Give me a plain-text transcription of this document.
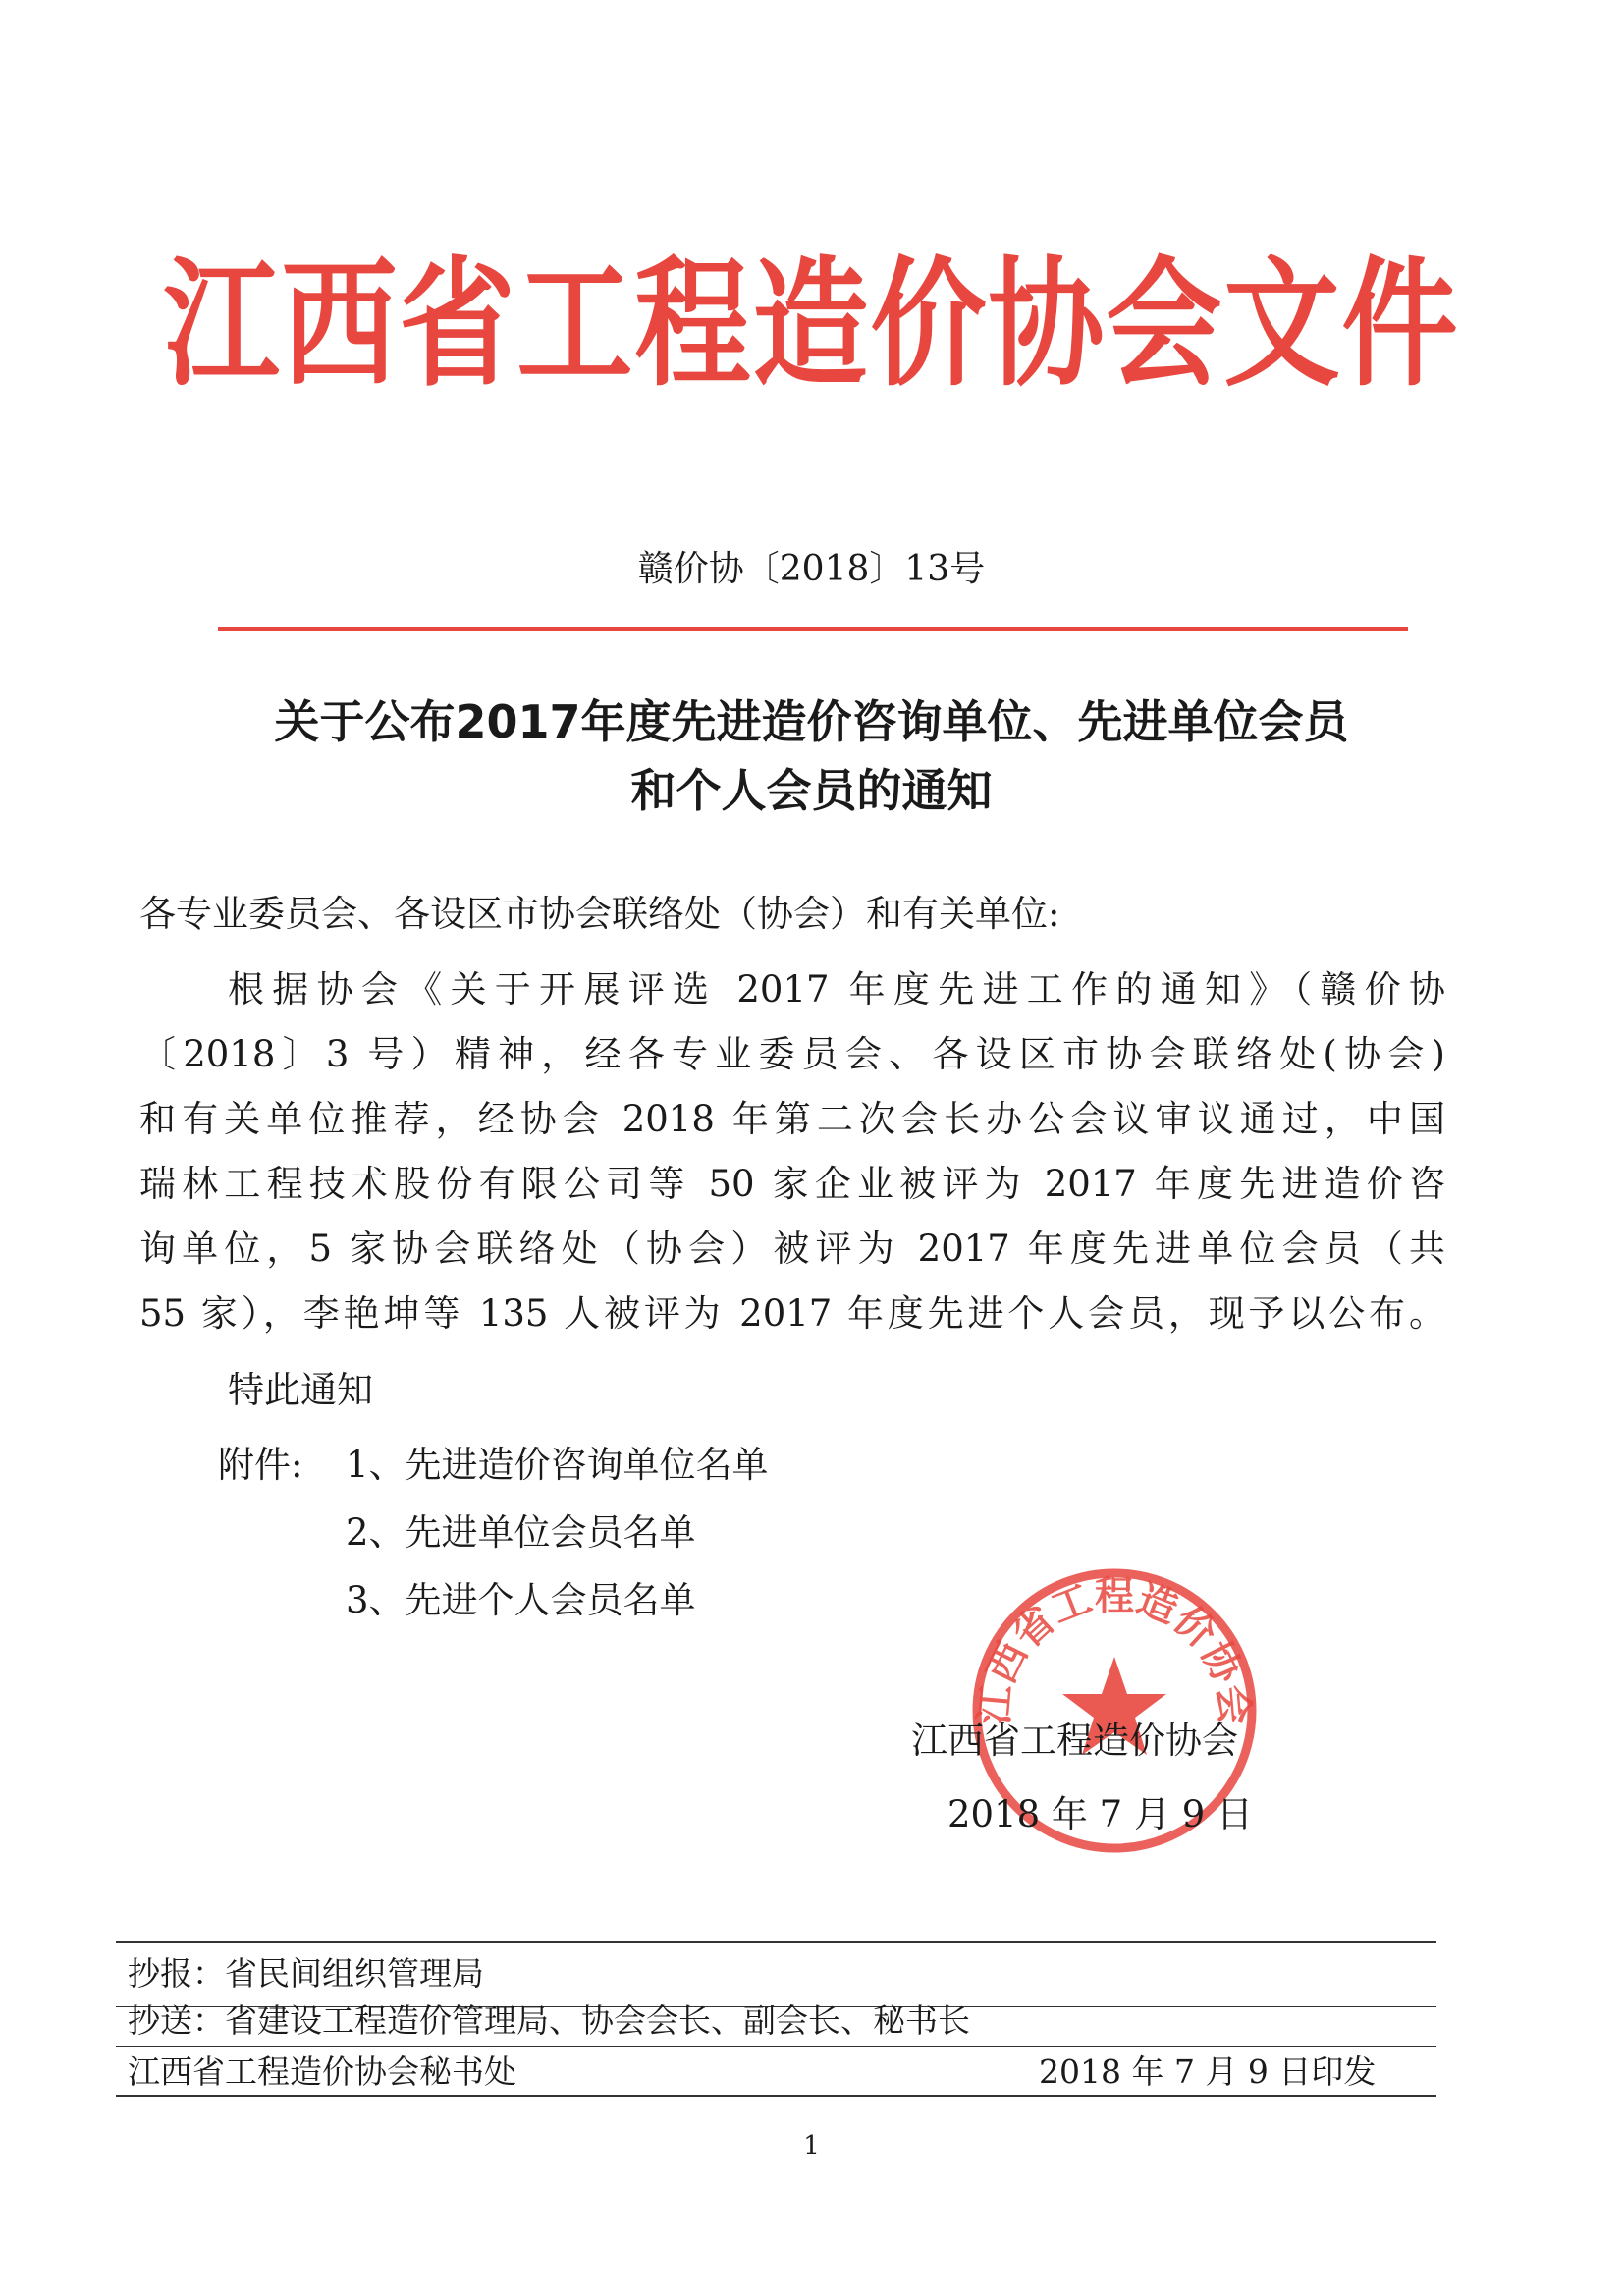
江西省工程造价协会文件
赣价协〔2018〕13号
关于公布2017年度先进造价咨询单位、先进单位会员
和个人会员的通知
各专业委员会、各设区市协会联络处（协会）和有关单位:
根据协会《关于开展评选 2017 年度先进工作的通知》（赣价协
〔2018〕3 号）精神，经各专业委员会、各设区市协会联络处(协会)
和有关单位推荐，经协会 2018 年第二次会长办公会议审议通过，中国
瑞林工程技术股份有限公司等 50 家企业被评为 2017 年度先进造价咨
询单位，5 家协会联络处（协会）被评为 2017 年度先进单位会员（共
55 家），李艳坤等 135 人被评为 2017 年度先进个人会员，现予以公布。
特此通知
附件: 1、先进造价咨询单位名单
2、先进单位会员名单
3、先进个人会员名单
江西省工程造价协会
江西省工程造价协会
2018 年 7 月 9 日
抄报：省民间组织管理局
抄送：省建设工程造价管理局、协会会长、副会长、秘书长
江西省工程造价协会秘书处	2018 年 7 月 9 日印发
1
